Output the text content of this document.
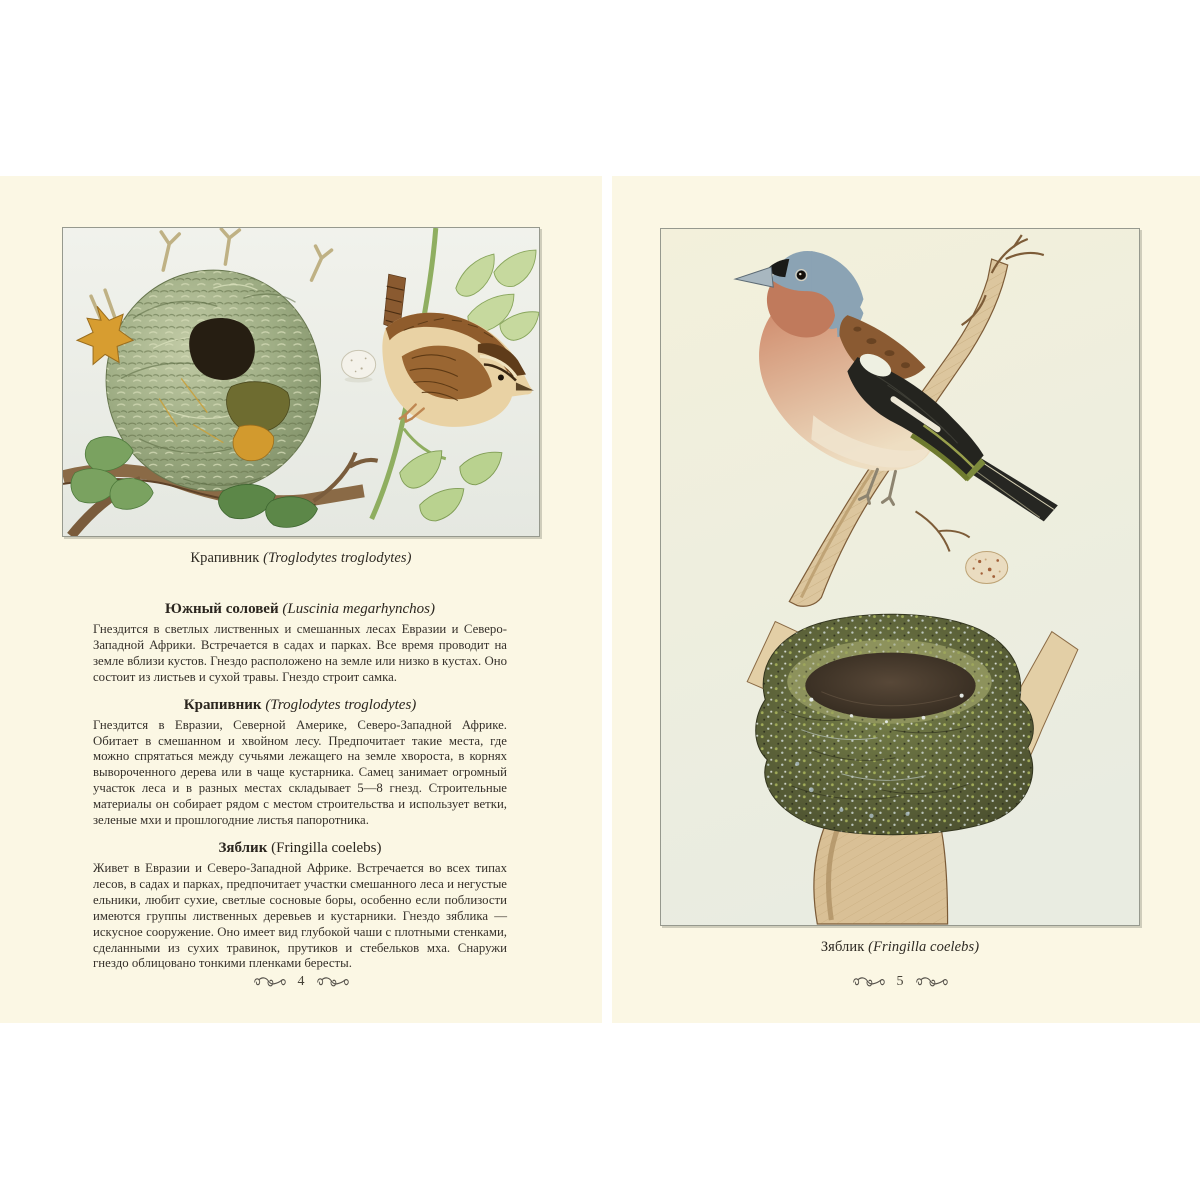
Крапивник (Troglodytes troglodytes)
Южный соловей (Luscinia megarhynchos)

Гнездится в светлых лиственных и смешанных лесах Евразии и Северо-Западной Африки. Встречается в садах и парках. Все время проводит на земле вблизи кустов. Гнездо расположено на земле или низко в кустах. Оно состоит из листьев и сухой травы. Гнездо строит самка.

Крапивник (Troglodytes troglodytes)

Гнездится в Евразии, Северной Америке, Северо-Западной Африке. Обитает в смешанном и хвойном лесу. Предпочитает такие места, где можно спрятаться между сучьями лежащего на земле хвороста, в корнях вывороченного дерева или в чаще кустарника. Самец занимает огромный участок леса и в разных местах складывает 5—8 гнезд. Строительные материалы он собирает рядом с местом строительства и использует ветки, зеленые мхи и прошлогодние листья папоротника.

Зяблик (Fringilla coelebs)

Живет в Евразии и Северо-Западной Африке. Встречается во всех типах лесов, в садах и парках, предпочитает участки смешанного леса и негустые ельники, любит сухие, светлые сосновые боры, особенно если поблизости имеются группы лиственных деревьев и кустарники. Гнездо зяблика — искусное сооружение. Оно имеет вид глубокой чаши с плотными стенками, сделанными из сухих травинок, прутиков и стебельков мха. Снаружи гнездо облицовано тонкими пленками бересты.

4
Зяблик (Fringilla coelebs)
5
